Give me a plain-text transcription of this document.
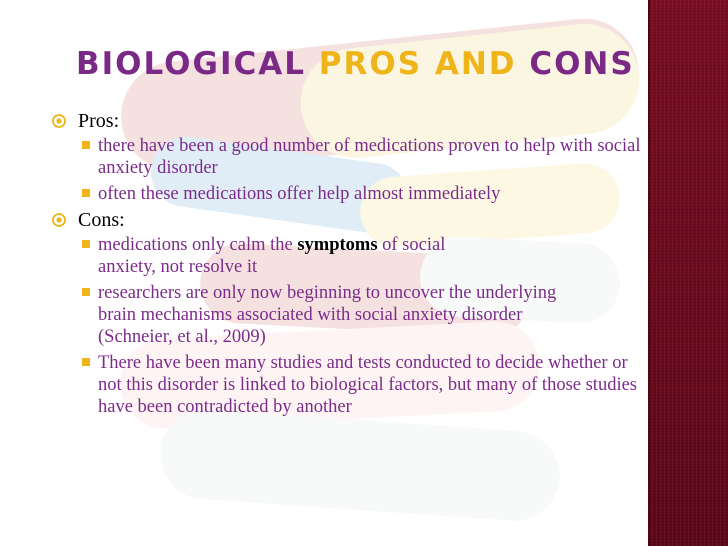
BIOLOGICAL PROS AND CONS
Pros:
there have been a good number of medications proven to help with social anxiety disorder
often these medications offer help almost immediately
Cons:
medications only calm the symptoms of social anxiety, not resolve it
researchers are only now beginning to uncover the underlying brain mechanisms associated with social anxiety disorder (Schneier, et al., 2009)
There have been many studies and tests conducted to decide whether or not this disorder is linked to biological factors, but many of those studies have been contradicted by another
